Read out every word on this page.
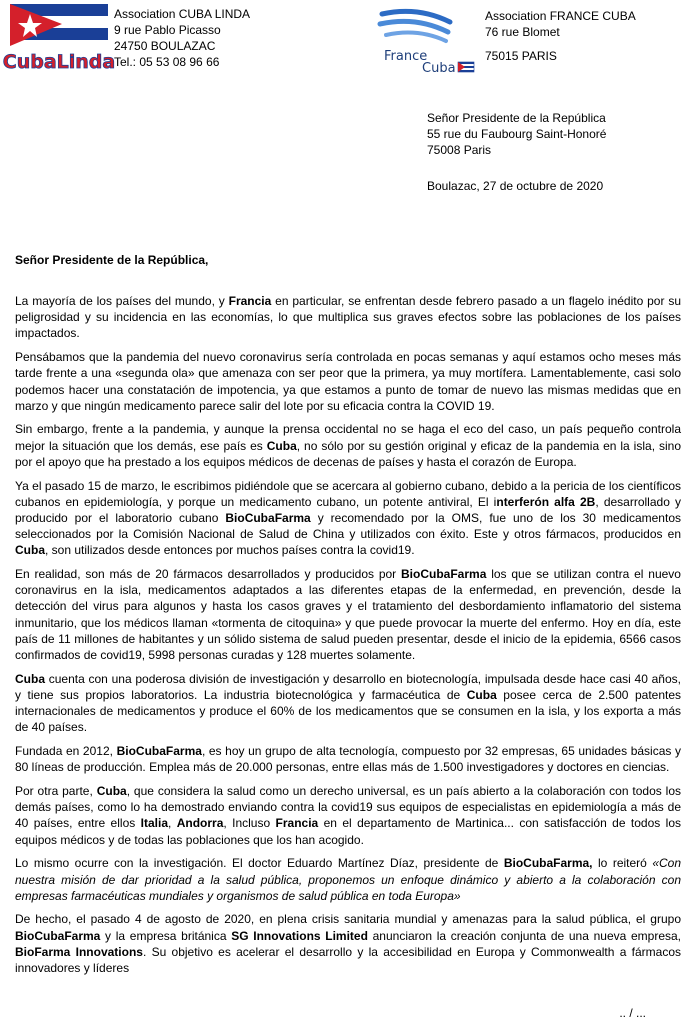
CubaLinda
Association CUBA LINDA
9 rue Pablo Picasso
24750 BOULAZAC
Tel.: 05 53 08 96 66	France
Cuba
Association FRANCE CUBA
76 rue Blomet
75015 PARIS
Señor Presidente de la República
55 rue du Faubourg Saint-Honoré
75008 Paris
Boulazac, 27 de octubre de 2020
Señor Presidente de la República,

La mayoría de los países del mundo, y Francia en particular, se enfrentan desde febrero pasado a un flagelo inédito por su peligrosidad y su incidencia en las economías, lo que multiplica sus graves efectos sobre las poblaciones de los países impactados.

Pensábamos que la pandemia del nuevo coronavirus sería controlada en pocas semanas y aquí estamos ocho meses más tarde frente a una «segunda ola» que amenaza con ser peor que la primera, ya muy mortífera. Lamentablemente, casi solo podemos hacer una constatación de impotencia, ya que estamos a punto de tomar de nuevo las mismas medidas que en marzo y que ningún medicamento parece salir del lote por su eficacia contra la COVID 19.

Sin embargo, frente a la pandemia, y aunque la prensa occidental no se haga el eco del caso, un país pequeño controla mejor la situación que los demás, ese país es Cuba, no sólo por su gestión original y eficaz de la pandemia en la isla, sino por el apoyo que ha prestado a los equipos médicos de decenas de países y hasta el corazón de Europa.

Ya el pasado 15 de marzo, le escribimos pidiéndole que se acercara al gobierno cubano, debido a la pericia de los científicos cubanos en epidemiología, y porque un medicamento cubano, un potente antiviral, El interferón alfa 2B, desarrollado y producido por el laboratorio cubano BioCubaFarma y recomendado por la OMS, fue uno de los 30 medicamentos seleccionados por la Comisión Nacional de Salud de China y utilizados con éxito. Este y otros fármacos, producidos en Cuba, son utilizados desde entonces por muchos países contra la covid19.

En realidad, son más de 20 fármacos desarrollados y producidos por BioCubaFarma los que se utilizan contra el nuevo coronavirus en la isla, medicamentos adaptados a las diferentes etapas de la enfermedad, en prevención, desde la detección del virus para algunos y hasta los casos graves y el tratamiento del desbordamiento inflamatorio del sistema inmunitario, que los médicos llaman «tormenta de citoquina» y que puede provocar la muerte del enfermo. Hoy en día, este país de 11 millones de habitantes y un sólido sistema de salud pueden presentar, desde el inicio de la epidemia, 6566 casos confirmados de covid19, 5998 personas curadas y 128 muertes solamente.

Cuba cuenta con una poderosa división de investigación y desarrollo en biotecnología, impulsada desde hace casi 40 años, y tiene sus propios laboratorios. La industria biotecnológica y farmacéutica de Cuba posee cerca de 2.500 patentes internacionales de medicamentos y produce el 60% de los medicamentos que se consumen en la isla, y los exporta a más de 40 países.

Fundada en 2012, BioCubaFarma, es hoy un grupo de alta tecnología, compuesto por 32 empresas, 65 unidades básicas y 80 líneas de producción. Emplea más de 20.000 personas, entre ellas más de 1.500 investigadores y doctores en ciencias.

Por otra parte, Cuba, que considera la salud como un derecho universal, es un país abierto a la colaboración con todos los demás países, como lo ha demostrado enviando contra la covid19 sus equipos de especialistas en epidemiología a más de 40 países, entre ellos Italia, Andorra, Incluso Francia en el departamento de Martinica... con satisfacción de todos los equipos médicos y de todas las poblaciones que los han acogido.

Lo mismo ocurre con la investigación. El doctor Eduardo Martínez Díaz, presidente de BioCubaFarma, lo reiteró «Con nuestra misión de dar prioridad a la salud pública, proponemos un enfoque dinámico y abierto a la colaboración con empresas farmacéuticas mundiales y organismos de salud pública en toda Europa»

De hecho, el pasado 4 de agosto de 2020, en plena crisis sanitaria mundial y amenazas para la salud pública, el grupo BioCubaFarma y la empresa británica SG Innovations Limited anunciaron la creación conjunta de una nueva empresa, BioFarma Innovations. Su objetivo es acelerar el desarrollo y la accesibilidad en Europa y Commonwealth a fármacos innovadores y líderes

.. / ...
